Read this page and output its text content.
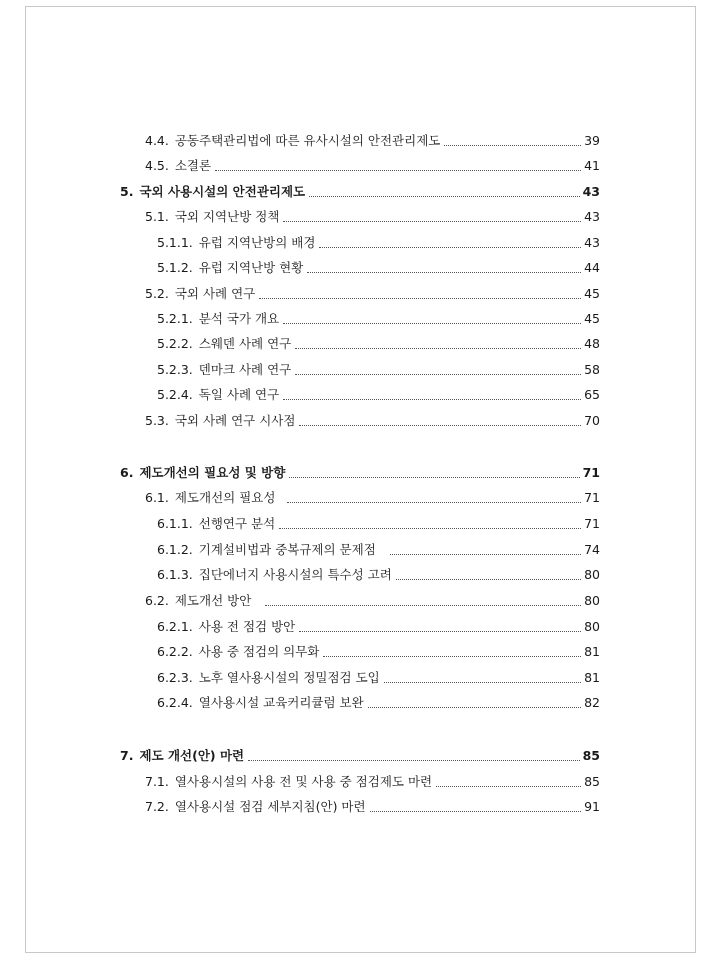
4.4. 공동주택관리법에 따른 유사시설의 안전관리제도	39
4.5. 소결론	41
5. 국외 사용시설의 안전관리제도	43
5.1. 국외 지역난방 정책	43
5.1.1. 유럽 지역난방의 배경	43
5.1.2. 유럽 지역난방 현황	44
5.2. 국외 사례 연구	45
5.2.1. 분석 국가 개요	45
5.2.2. 스웨덴 사례 연구	48
5.2.3. 덴마크 사례 연구	58
5.2.4. 독일 사례 연구	65
5.3. 국외 사례 연구 시사점	70
6. 제도개선의 필요성 및 방향	71
6.1. 제도개선의 필요성	71
6.1.1. 선행연구 분석	71
6.1.2. 기계설비법과 중복규제의 문제점	74
6.1.3. 집단에너지 사용시설의 특수성 고려	80
6.2. 제도개선 방안	80
6.2.1. 사용 전 점검 방안	80
6.2.2. 사용 중 점검의 의무화	81
6.2.3. 노후 열사용시설의 정밀점검 도입	81
6.2.4. 열사용시설 교육커리큘럼 보완	82
7. 제도 개선(안) 마련	85
7.1. 열사용시설의 사용 전 및 사용 중 점검제도 마련	85
7.2. 열사용시설 점검 세부지침(안) 마련	91
